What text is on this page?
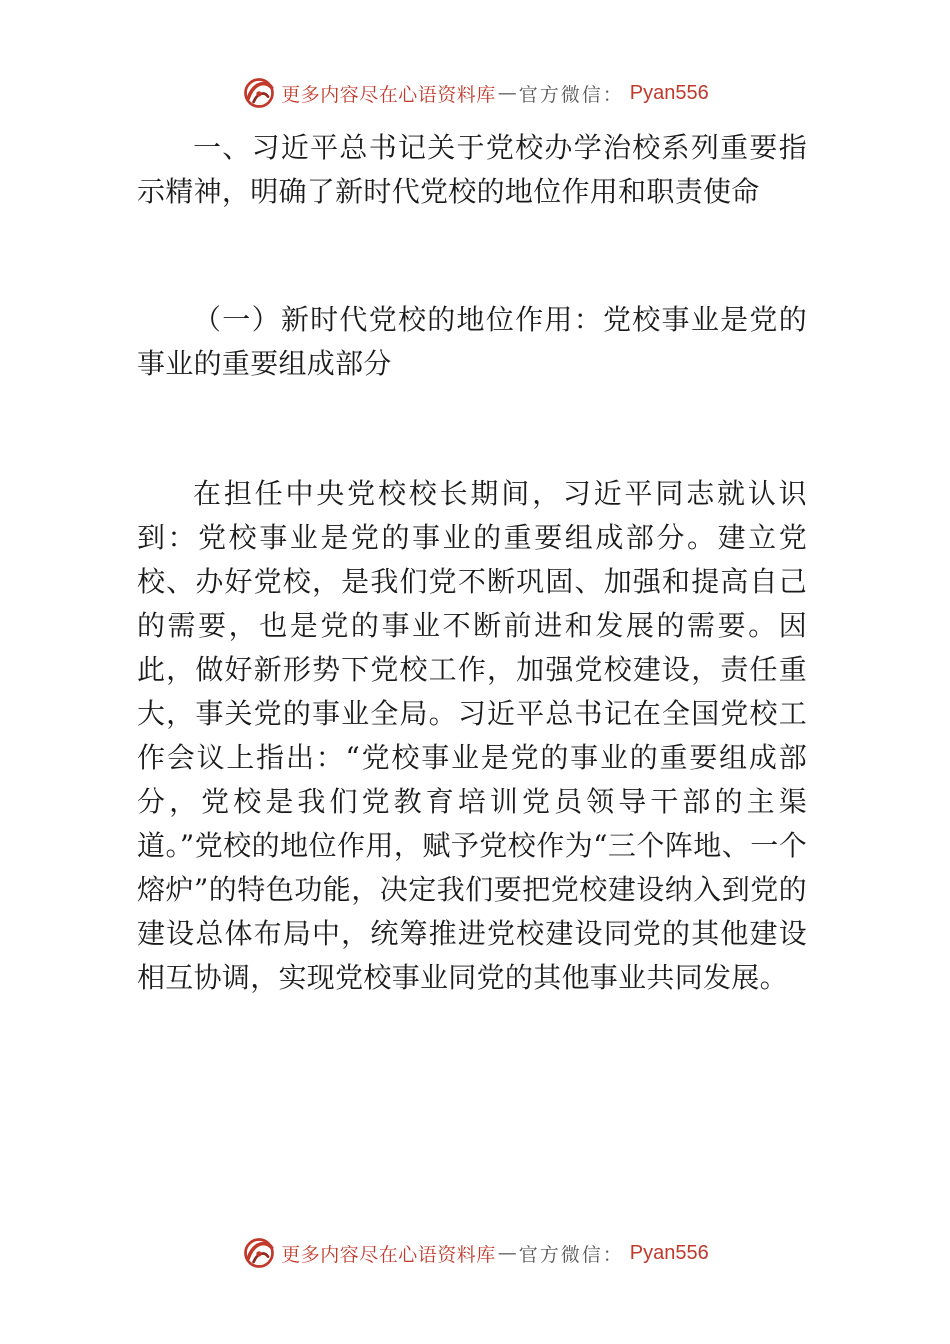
更多内容尽在心语资料库 — 官方微信： Pyan556

一、习近平总书记关于党校办学治校系列重要指示精神，明确了新时代党校的地位作用和职责使命

（一）新时代党校的地位作用：党校事业是党的事业的重要组成部分

在担任中央党校校长期间，习近平同志就认识到：党校事业是党的事业的重要组成部分。建立党校、办好党校，是我们党不断巩固、加强和提高自己的需要，也是党的事业不断前进和发展的需要。因此，做好新形势下党校工作，加强党校建设，责任重大，事关党的事业全局。习近平总书记在全国党校工作会议上指出：“党校事业是党的事业的重要组成部分，党校是我们党教育培训党员领导干部的主渠道。”党校的地位作用，赋予党校作为“三个阵地、一个熔炉”的特色功能，决定我们要把党校建设纳入到党的建设总体布局中，统筹推进党校建设同党的其他建设相互协调，实现党校事业同党的其他事业共同发展。

更多内容尽在心语资料库 — 官方微信： Pyan556
